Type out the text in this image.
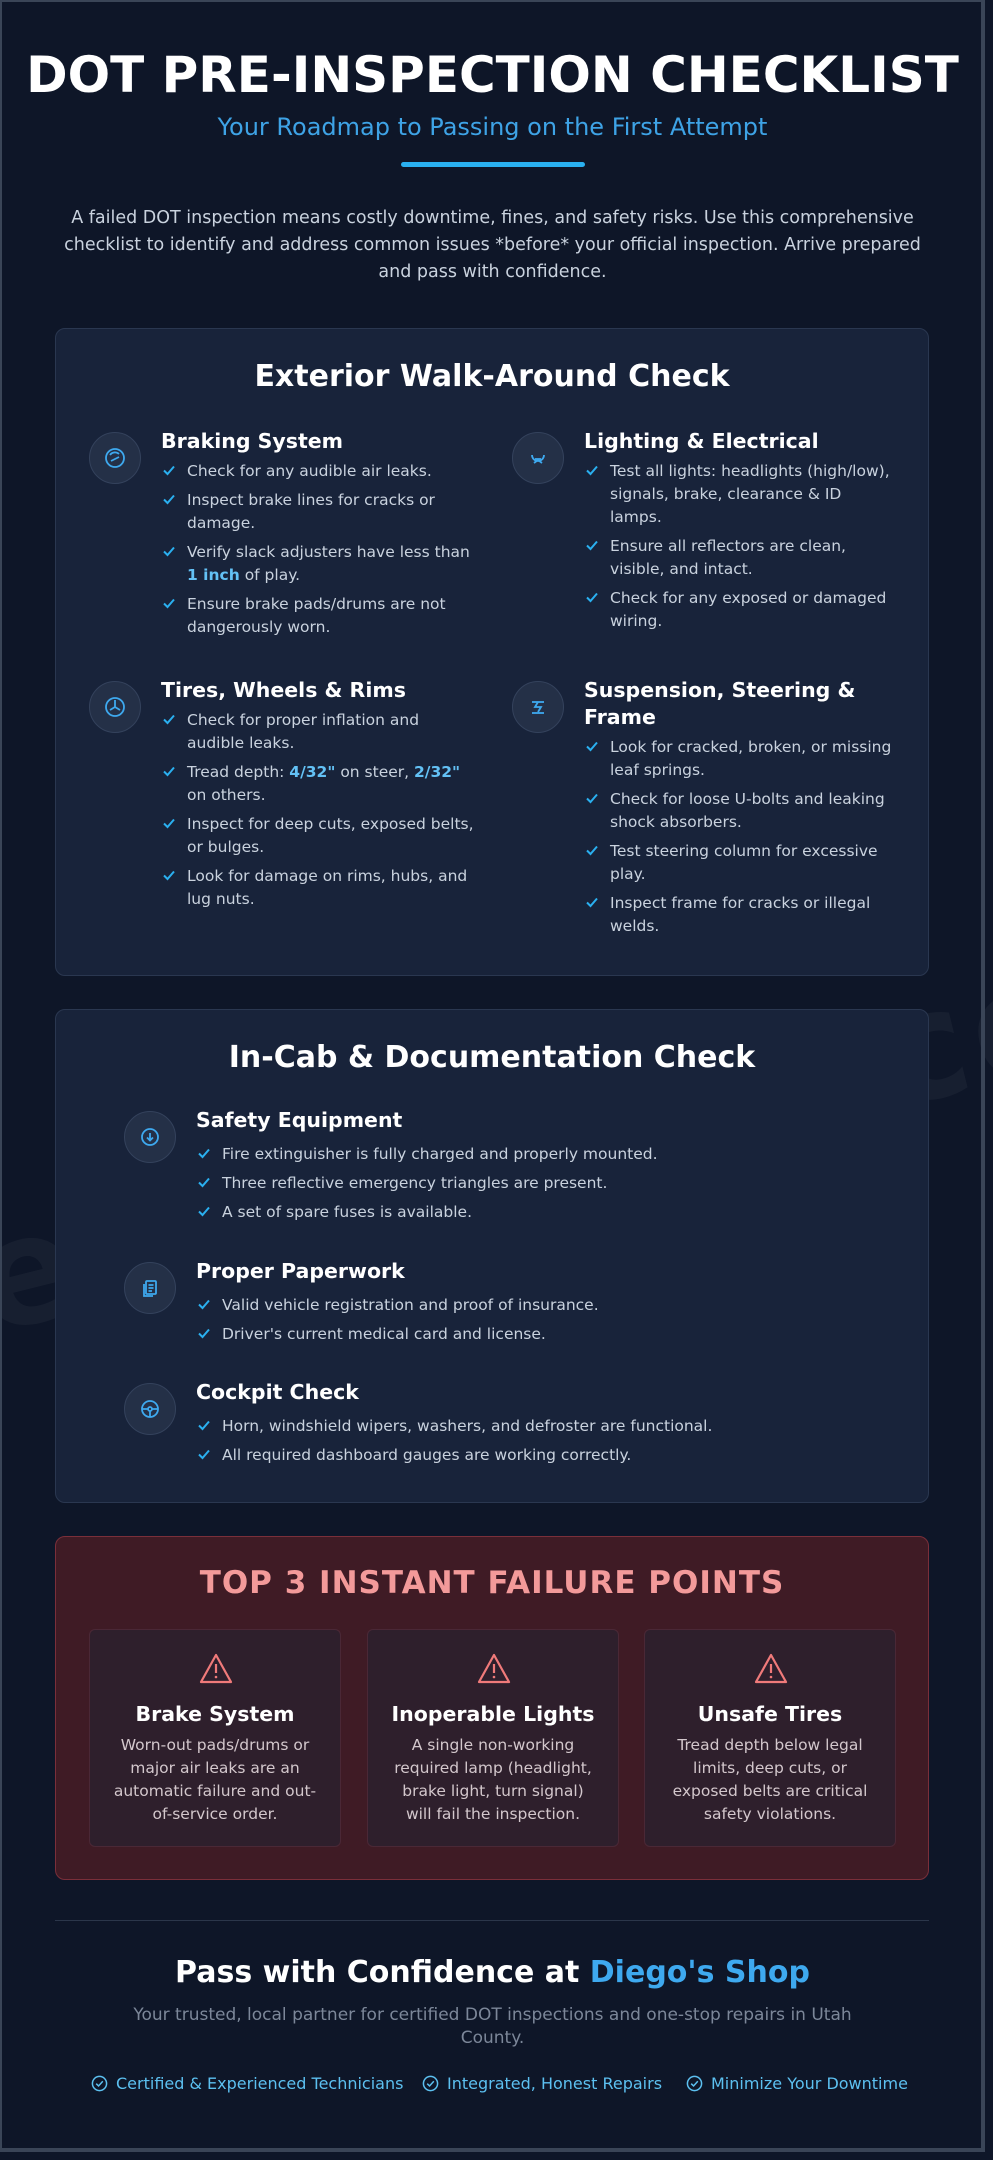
DOT PRE-INSPECTION CHECKLIST
Your Roadmap to Passing on the First Attempt
A failed DOT inspection means costly downtime, fines, and safety risks. Use this comprehensive checklist to identify and address common issues *before* your official inspection. Arrive prepared and pass with confidence.
Exterior Walk-Around Check
Braking System
Check for any audible air leaks.
Inspect brake lines for cracks or damage.
Verify slack adjusters have less than 1 inch of play.
Ensure brake pads/drums are not dangerously worn.
Lighting & Electrical
Test all lights: headlights (high/low), signals, brake, clearance & ID lamps.
Ensure all reflectors are clean, visible, and intact.
Check for any exposed or damaged wiring.
Tires, Wheels & Rims
Check for proper inflation and audible leaks.
Tread depth: 4/32" on steer, 2/32" on others.
Inspect for deep cuts, exposed belts, or bulges.
Look for damage on rims, hubs, and lug nuts.
Suspension, Steering & Frame
Look for cracked, broken, or missing leaf springs.
Check for loose U-bolts and leaking shock absorbers.
Test steering column for excessive play.
Inspect frame for cracks or illegal welds.
In-Cab & Documentation Check
Safety Equipment
Fire extinguisher is fully charged and properly mounted.
Three reflective emergency triangles are present.
A set of spare fuses is available.
Proper Paperwork
Valid vehicle registration and proof of insurance.
Driver's current medical card and license.
Cockpit Check
Horn, windshield wipers, washers, and defroster are functional.
All required dashboard gauges are working correctly.
TOP 3 INSTANT FAILURE POINTS
Brake System
Worn-out pads/drums or major air leaks are an automatic failure and out-of-service order.
Inoperable Lights
A single non-working required lamp (headlight, brake light, turn signal) will fail the inspection.
Unsafe Tires
Tread depth below legal limits, deep cuts, or exposed belts are critical safety violations.
Pass with Confidence at Diego's Shop
Your trusted, local partner for certified DOT inspections and one-stop repairs in Utah County.
Certified & Experienced Technicians	Integrated, Honest Repairs	Minimize Your Downtime
